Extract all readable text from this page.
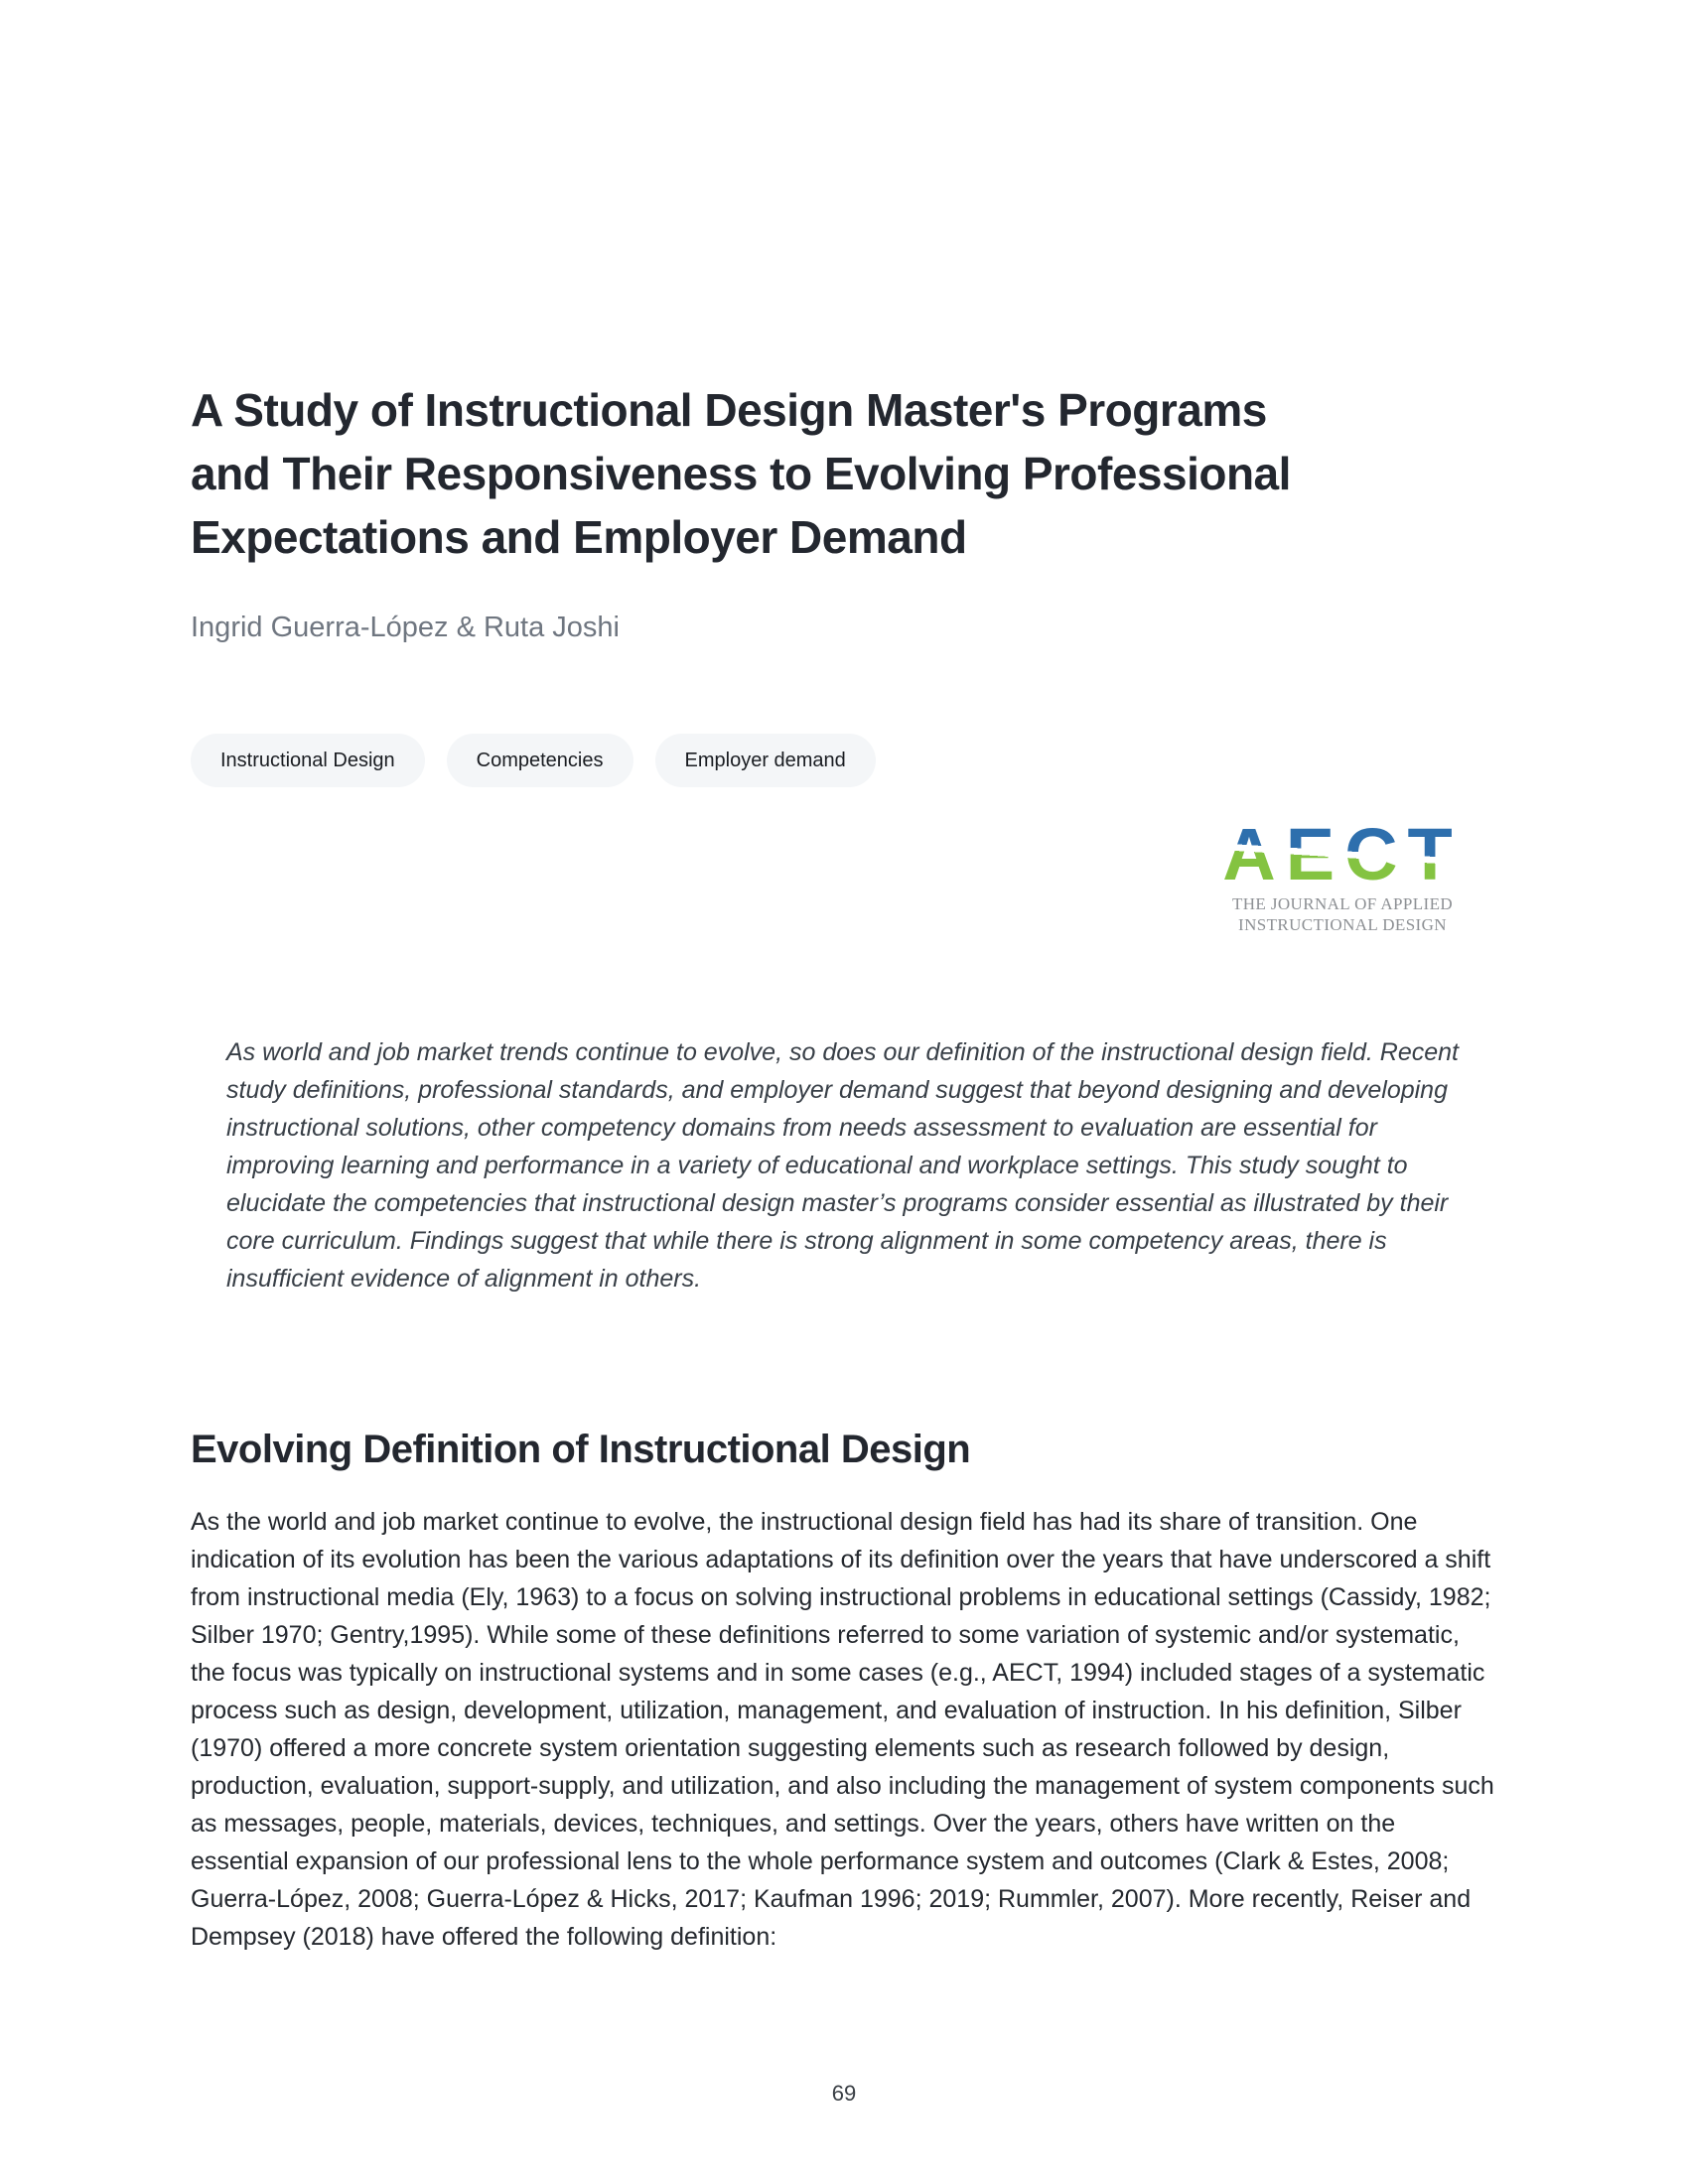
A Study of Instructional Design Master's Programs
and Their Responsiveness to Evolving Professional
Expectations and Employer Demand
Ingrid Guerra-López & Ruta Joshi
Instructional Design	Competencies	Employer demand
AECT
THE JOURNAL OF APPLIED
INSTRUCTIONAL DESIGN
As world and job market trends continue to evolve, so does our definition of the instructional design field. Recent study definitions, professional standards, and employer demand suggest that beyond designing and developing instructional solutions, other competency domains from needs assessment to evaluation are essential for improving learning and performance in a variety of educational and workplace settings. This study sought to elucidate the competencies that instructional design master’s programs consider essential as illustrated by their core curriculum. Findings suggest that while there is strong alignment in some competency areas, there is insufficient evidence of alignment in others.
Evolving Definition of Instructional Design

As the world and job market continue to evolve, the instructional design field has had its share of transition. One indication of its evolution has been the various adaptations of its definition over the years that have underscored a shift from instructional media (Ely, 1963) to a focus on solving instructional problems in educational settings (Cassidy, 1982; Silber 1970; Gentry,1995). While some of these definitions referred to some variation of systemic and/or systematic, the focus was typically on instructional systems and in some cases (e.g., AECT, 1994) included stages of a systematic process such as design, development, utilization, management, and evaluation of instruction. In his definition, Silber (1970) offered a more concrete system orientation suggesting elements such as research followed by design, production, evaluation, support-supply, and utilization, and also including the management of system components such as messages, people, materials, devices, techniques, and settings. Over the years, others have written on the essential expansion of our professional lens to the whole performance system and outcomes (Clark & Estes, 2008; Guerra-López, 2008; Guerra-López & Hicks, 2017; Kaufman 1996; 2019; Rummler, 2007). More recently, Reiser and Dempsey (2018) have offered the following definition:

69
